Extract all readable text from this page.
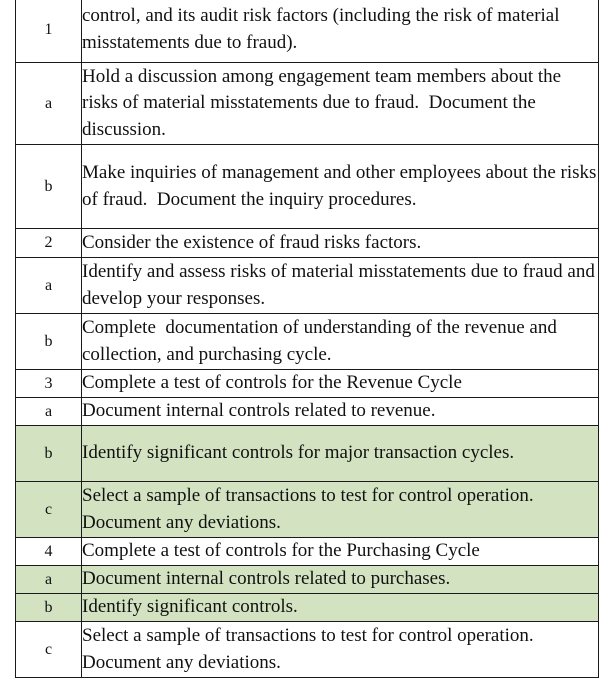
1	control, and its audit risk factors (including the risk of material misstatements due to fraud).
a	Hold a discussion among engagement team members about the risks of material misstatements due to fraud.  Document the discussion.
b	Make inquiries of management and other employees about the risks of fraud.  Document the inquiry procedures.
2	Consider the existence of fraud risks factors.
a	Identify and assess risks of material misstatements due to fraud and develop your responses.
b	Complete  documentation of understanding of the revenue and collection, and purchasing cycle.
3	Complete a test of controls for the Revenue Cycle
a	Document internal controls related to revenue.
b	Identify significant controls for major transaction cycles.
c	Select a sample of transactions to test for control operation. Document any deviations.
4	Complete a test of controls for the Purchasing Cycle
a	Document internal controls related to purchases.
b	Identify significant controls.
c	Select a sample of transactions to test for control operation. Document any deviations.
